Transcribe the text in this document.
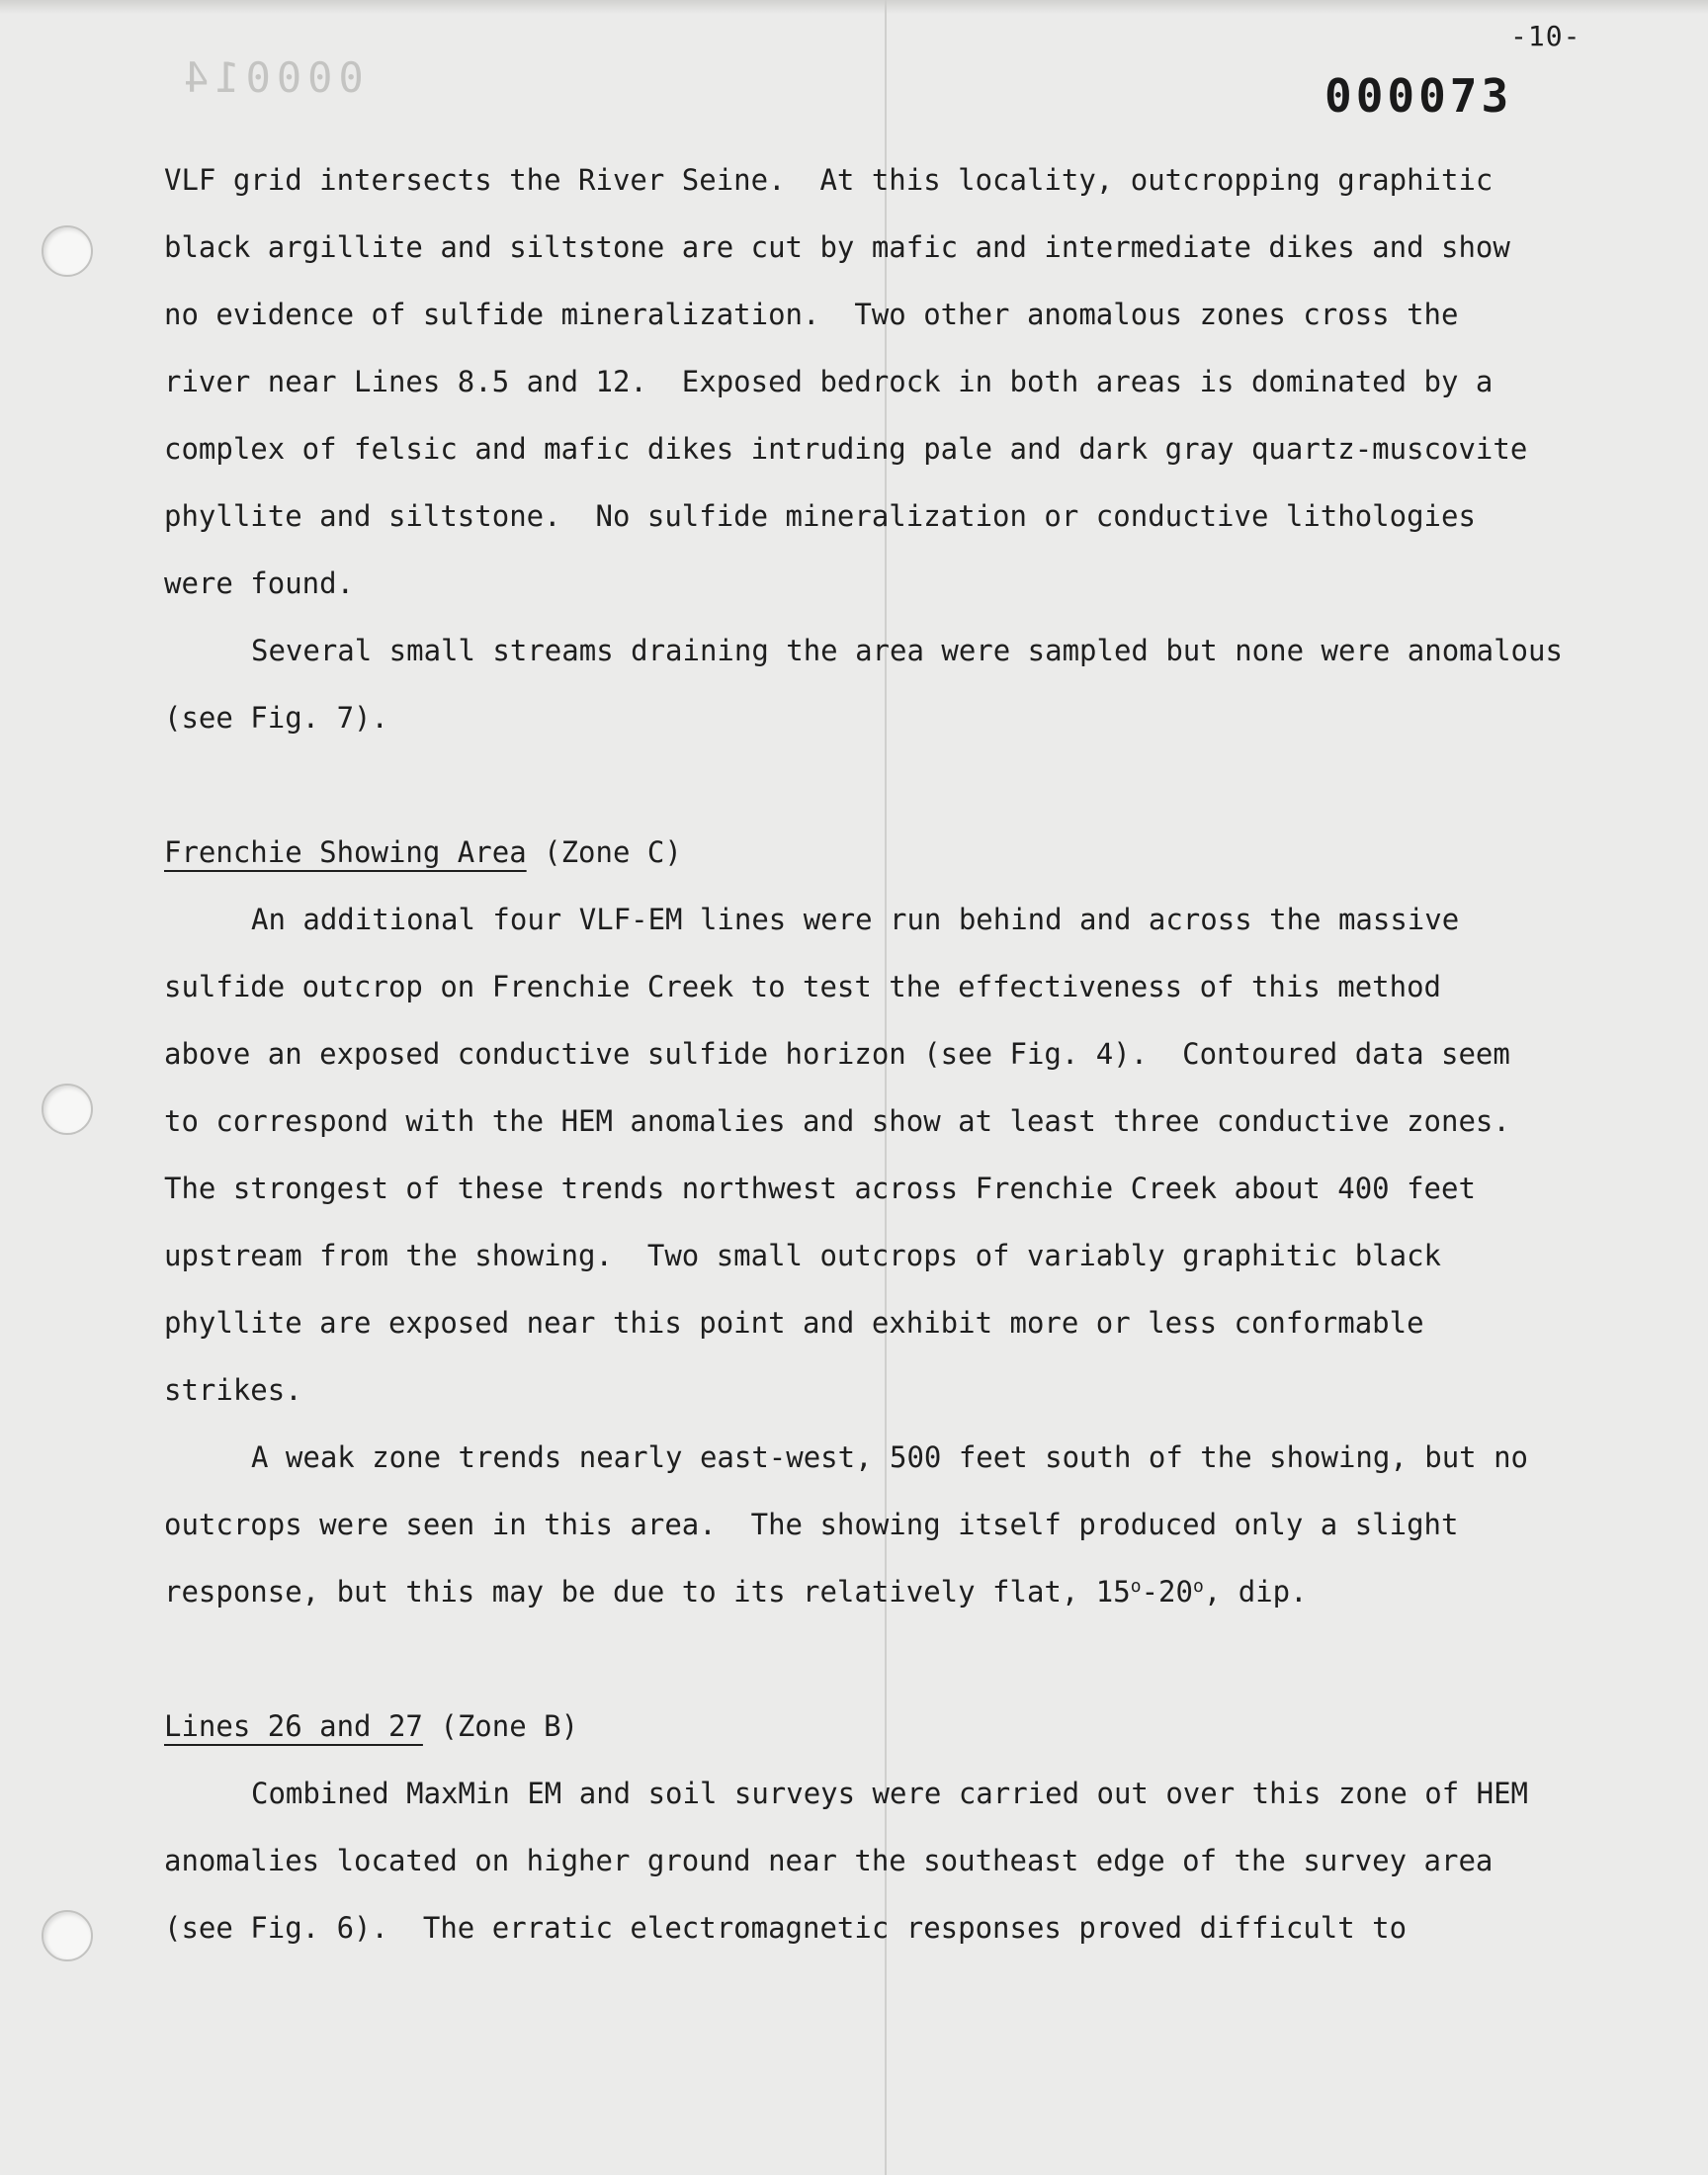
000014
-10-
000073
VLF grid intersects the River Seine.  At this locality, outcropping graphitic
black argillite and siltstone are cut by mafic and intermediate dikes and show
no evidence of sulfide mineralization.  Two other anomalous zones cross the
river near Lines 8.5 and 12.  Exposed bedrock in both areas is dominated by a
complex of felsic and mafic dikes intruding pale and dark gray quartz-muscovite
phyllite and siltstone.  No sulfide mineralization or conductive lithologies
were found.
Several small streams draining the area were sampled but none were anomalous
(see Fig. 7).
Frenchie Showing Area (Zone C)
An additional four VLF-EM lines were run behind and across the massive
sulfide outcrop on Frenchie Creek to test the effectiveness of this method
above an exposed conductive sulfide horizon (see Fig. 4).  Contoured data seem
to correspond with the HEM anomalies and show at least three conductive zones.
The strongest of these trends northwest across Frenchie Creek about 400 feet
upstream from the showing.  Two small outcrops of variably graphitic black
phyllite are exposed near this point and exhibit more or less conformable
strikes.
A weak zone trends nearly east-west, 500 feet south of the showing, but no
outcrops were seen in this area.  The showing itself produced only a slight
response, but this may be due to its relatively flat, 15$^o$-20$^o$, dip.
Lines 26 and 27 (Zone B)
Combined MaxMin EM and soil surveys were carried out over this zone of HEM
anomalies located on higher ground near the southeast edge of the survey area
(see Fig. 6).  The erratic electromagnetic responses proved difficult to
